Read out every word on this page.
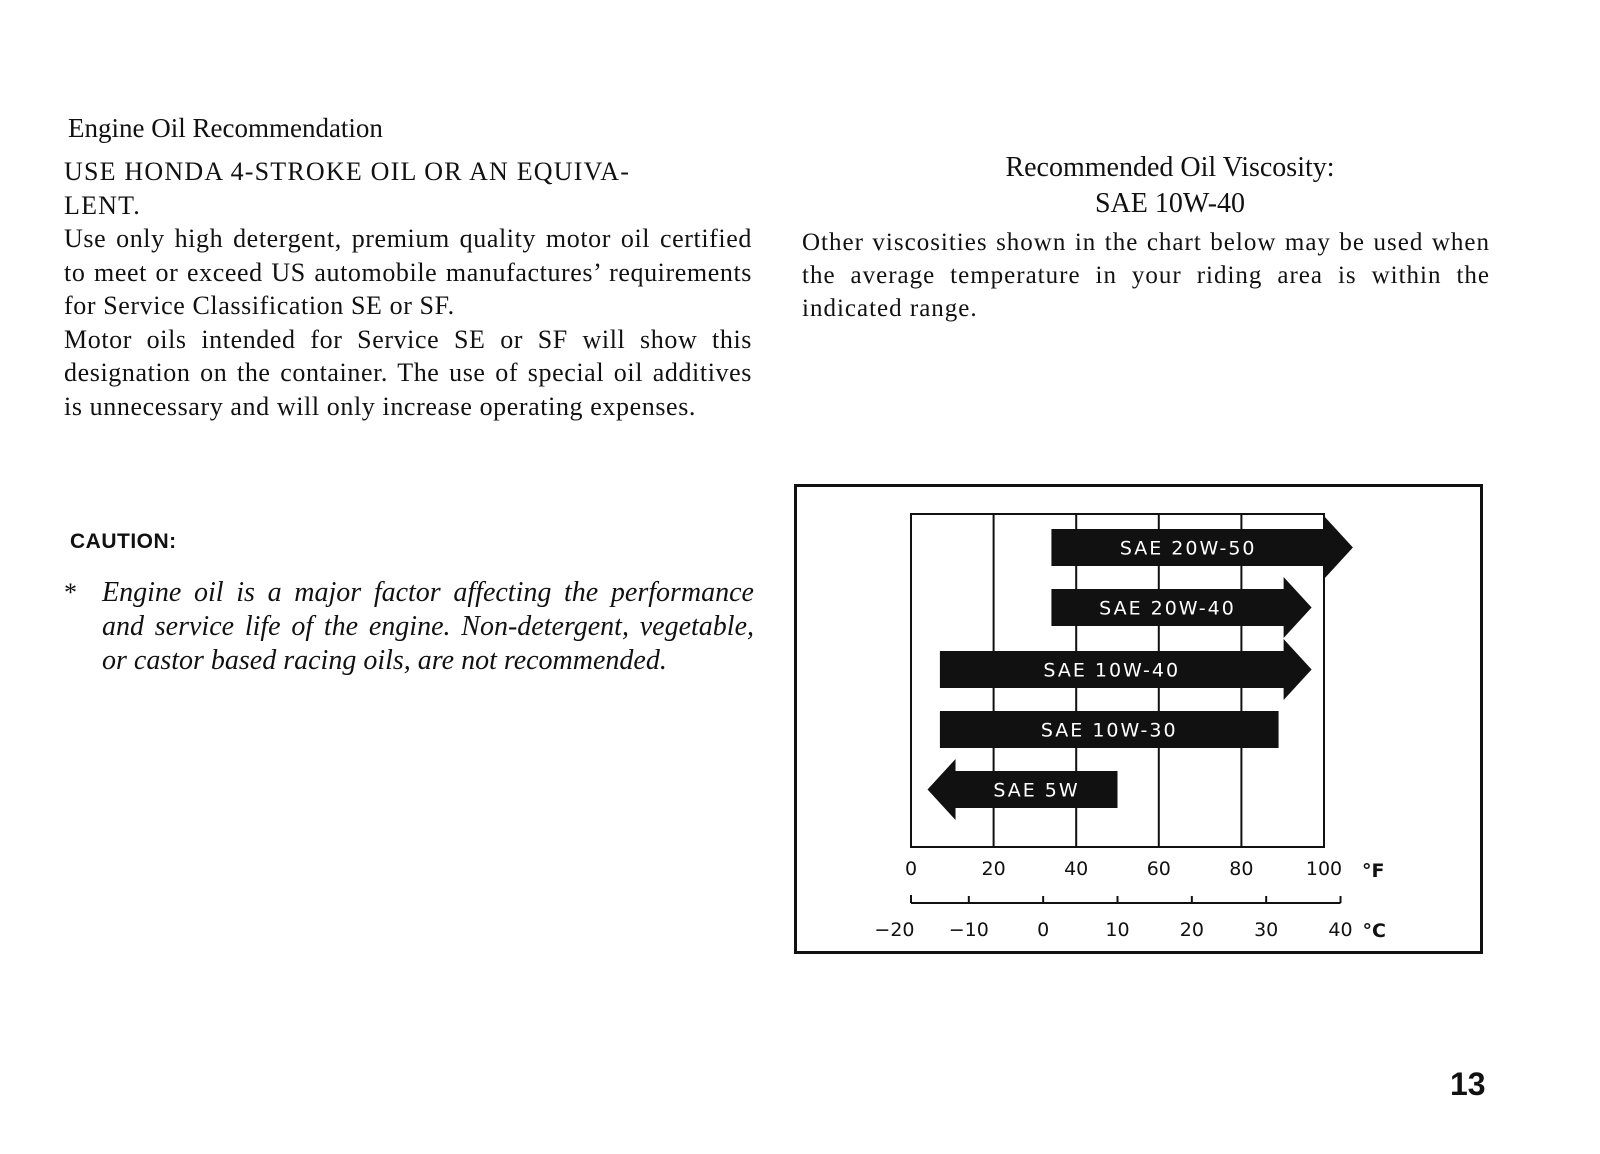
Engine Oil Recommendation

USE HONDA 4-STROKE OIL OR AN EQUIVA-

LENT.

Use only high detergent, premium quality motor oil certified to meet or exceed US automobile manufactures’ requirements for Service Classification SE or SF.

Motor oils intended for Service SE or SF will show this designation on the container. The use of special oil additives is unnecessary and will only increase operating expenses.

CAUTION:
* Engine oil is a major factor affecting the performance and service life of the engine. Non-detergent, vegetable, or castor based racing oils, are not recommended.
Recommended Oil Viscosity:
SAE 10W-40
Other viscosities shown in the chart below may be used when the average temperature in your riding area is within the indicated range.
SAE 20W-50
SAE 20W-40
SAE 10W-40
SAE 10W-30
SAE 5W
0	20	40	60	80	100 °F
−20 −10	0	10	20	30	40 °C
13
